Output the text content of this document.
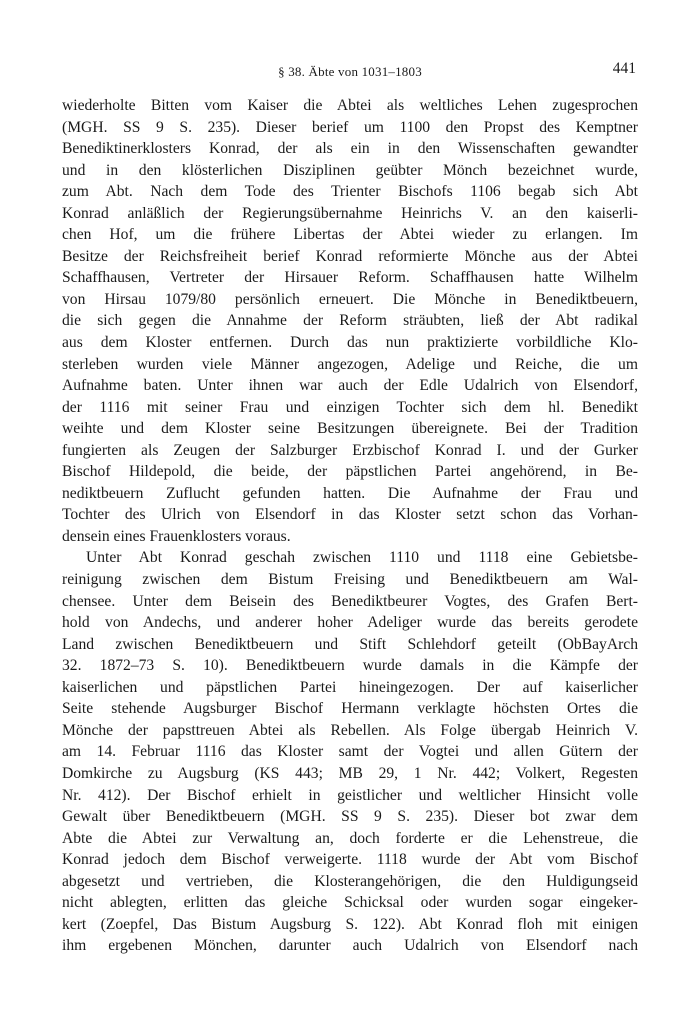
§ 38. Äbte von 1031–1803	441
wiederholte Bitten vom Kaiser die Abtei als weltliches Lehen zugesprochen
(MGH. SS 9 S. 235). Dieser berief um 1100 den Propst des Kemptner
Benediktinerklosters Konrad, der als ein in den Wissenschaften gewandter
und in den klösterlichen Disziplinen geübter Mönch bezeichnet wurde,
zum Abt. Nach dem Tode des Trienter Bischofs 1106 begab sich Abt
Konrad anläßlich der Regierungsübernahme Heinrichs V. an den kaiserli-
chen Hof, um die frühere Libertas der Abtei wieder zu erlangen. Im
Besitze der Reichsfreiheit berief Konrad reformierte Mönche aus der Abtei
Schaffhausen, Vertreter der Hirsauer Reform. Schaffhausen hatte Wilhelm
von Hirsau 1079/80 persönlich erneuert. Die Mönche in Benediktbeuern,
die sich gegen die Annahme der Reform sträubten, ließ der Abt radikal
aus dem Kloster entfernen. Durch das nun praktizierte vorbildliche Klo-
sterleben wurden viele Männer angezogen, Adelige und Reiche, die um
Aufnahme baten. Unter ihnen war auch der Edle Udalrich von Elsendorf,
der 1116 mit seiner Frau und einzigen Tochter sich dem hl. Benedikt
weihte und dem Kloster seine Besitzungen übereignete. Bei der Tradition
fungierten als Zeugen der Salzburger Erzbischof Konrad I. und der Gurker
Bischof Hildepold, die beide, der päpstlichen Partei angehörend, in Be-
nediktbeuern Zuflucht gefunden hatten. Die Aufnahme der Frau und
Tochter des Ulrich von Elsendorf in das Kloster setzt schon das Vorhan-
densein eines Frauenklosters voraus.
Unter Abt Konrad geschah zwischen 1110 und 1118 eine Gebietsbe-
reinigung zwischen dem Bistum Freising und Benediktbeuern am Wal-
chensee. Unter dem Beisein des Benediktbeurer Vogtes, des Grafen Bert-
hold von Andechs, und anderer hoher Adeliger wurde das bereits gerodete
Land zwischen Benediktbeuern und Stift Schlehdorf geteilt (ObBayArch
32. 1872–73 S. 10). Benediktbeuern wurde damals in die Kämpfe der
kaiserlichen und päpstlichen Partei hineingezogen. Der auf kaiserlicher
Seite stehende Augsburger Bischof Hermann verklagte höchsten Ortes die
Mönche der papsttreuen Abtei als Rebellen. Als Folge übergab Heinrich V.
am 14. Februar 1116 das Kloster samt der Vogtei und allen Gütern der
Domkirche zu Augsburg (KS 443; MB 29, 1 Nr. 442; Volkert, Regesten
Nr. 412). Der Bischof erhielt in geistlicher und weltlicher Hinsicht volle
Gewalt über Benediktbeuern (MGH. SS 9 S. 235). Dieser bot zwar dem
Abte die Abtei zur Verwaltung an, doch forderte er die Lehenstreue, die
Konrad jedoch dem Bischof verweigerte. 1118 wurde der Abt vom Bischof
abgesetzt und vertrieben, die Klosterangehörigen, die den Huldigungseid
nicht ablegten, erlitten das gleiche Schicksal oder wurden sogar eingeker-
kert (Zoepfel, Das Bistum Augsburg S. 122). Abt Konrad floh mit einigen
ihm ergebenen Mönchen, darunter auch Udalrich von Elsendorf nach
